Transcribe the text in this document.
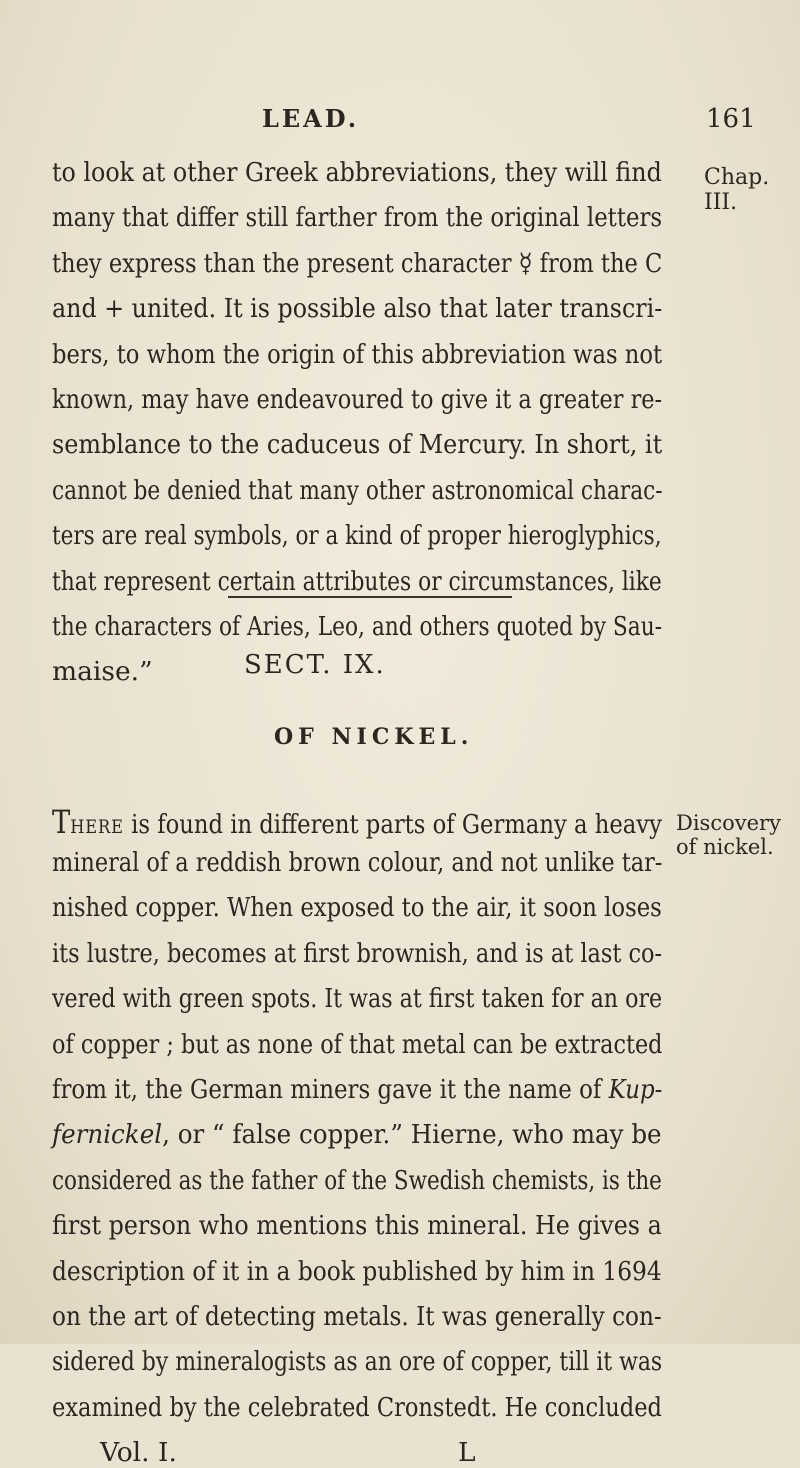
LEAD.	161
Chap. III.
SECT. IX.
OF NICKEL.
Discovery
of nickel.
to look at other Greek abbreviations, they will find
many that differ still farther from the original letters
they express than the present character ☿ from the C
and + united. It is possible also that later transcri-
bers, to whom the origin of this abbreviation was not
known, may have endeavoured to give it a greater re-
semblance to the caduceus of Mercury. In short, it
cannot be denied that many other astronomical charac-
ters are real symbols, or a kind of proper hieroglyphics,
that represent certain attributes or circumstances, like
the characters of Aries, Leo, and others quoted by Sau-
maise.”
There is found in different parts of Germany a heavy
mineral of a reddish brown colour, and not unlike tar-
nished copper. When exposed to the air, it soon loses
its lustre, becomes at first brownish, and is at last co-
vered with green spots. It was at first taken for an ore
of copper ; but as none of that metal can be extracted
from it, the German miners gave it the name of Kup-
fernickel, or “ false copper.” Hierne, who may be
considered as the father of the Swedish chemists, is the
first person who mentions this mineral. He gives a
description of it in a book published by him in 1694
on the art of detecting metals. It was generally con-
sidered by mineralogists as an ore of copper, till it was
examined by the celebrated Cronstedt. He concluded
Vol. I.	L
